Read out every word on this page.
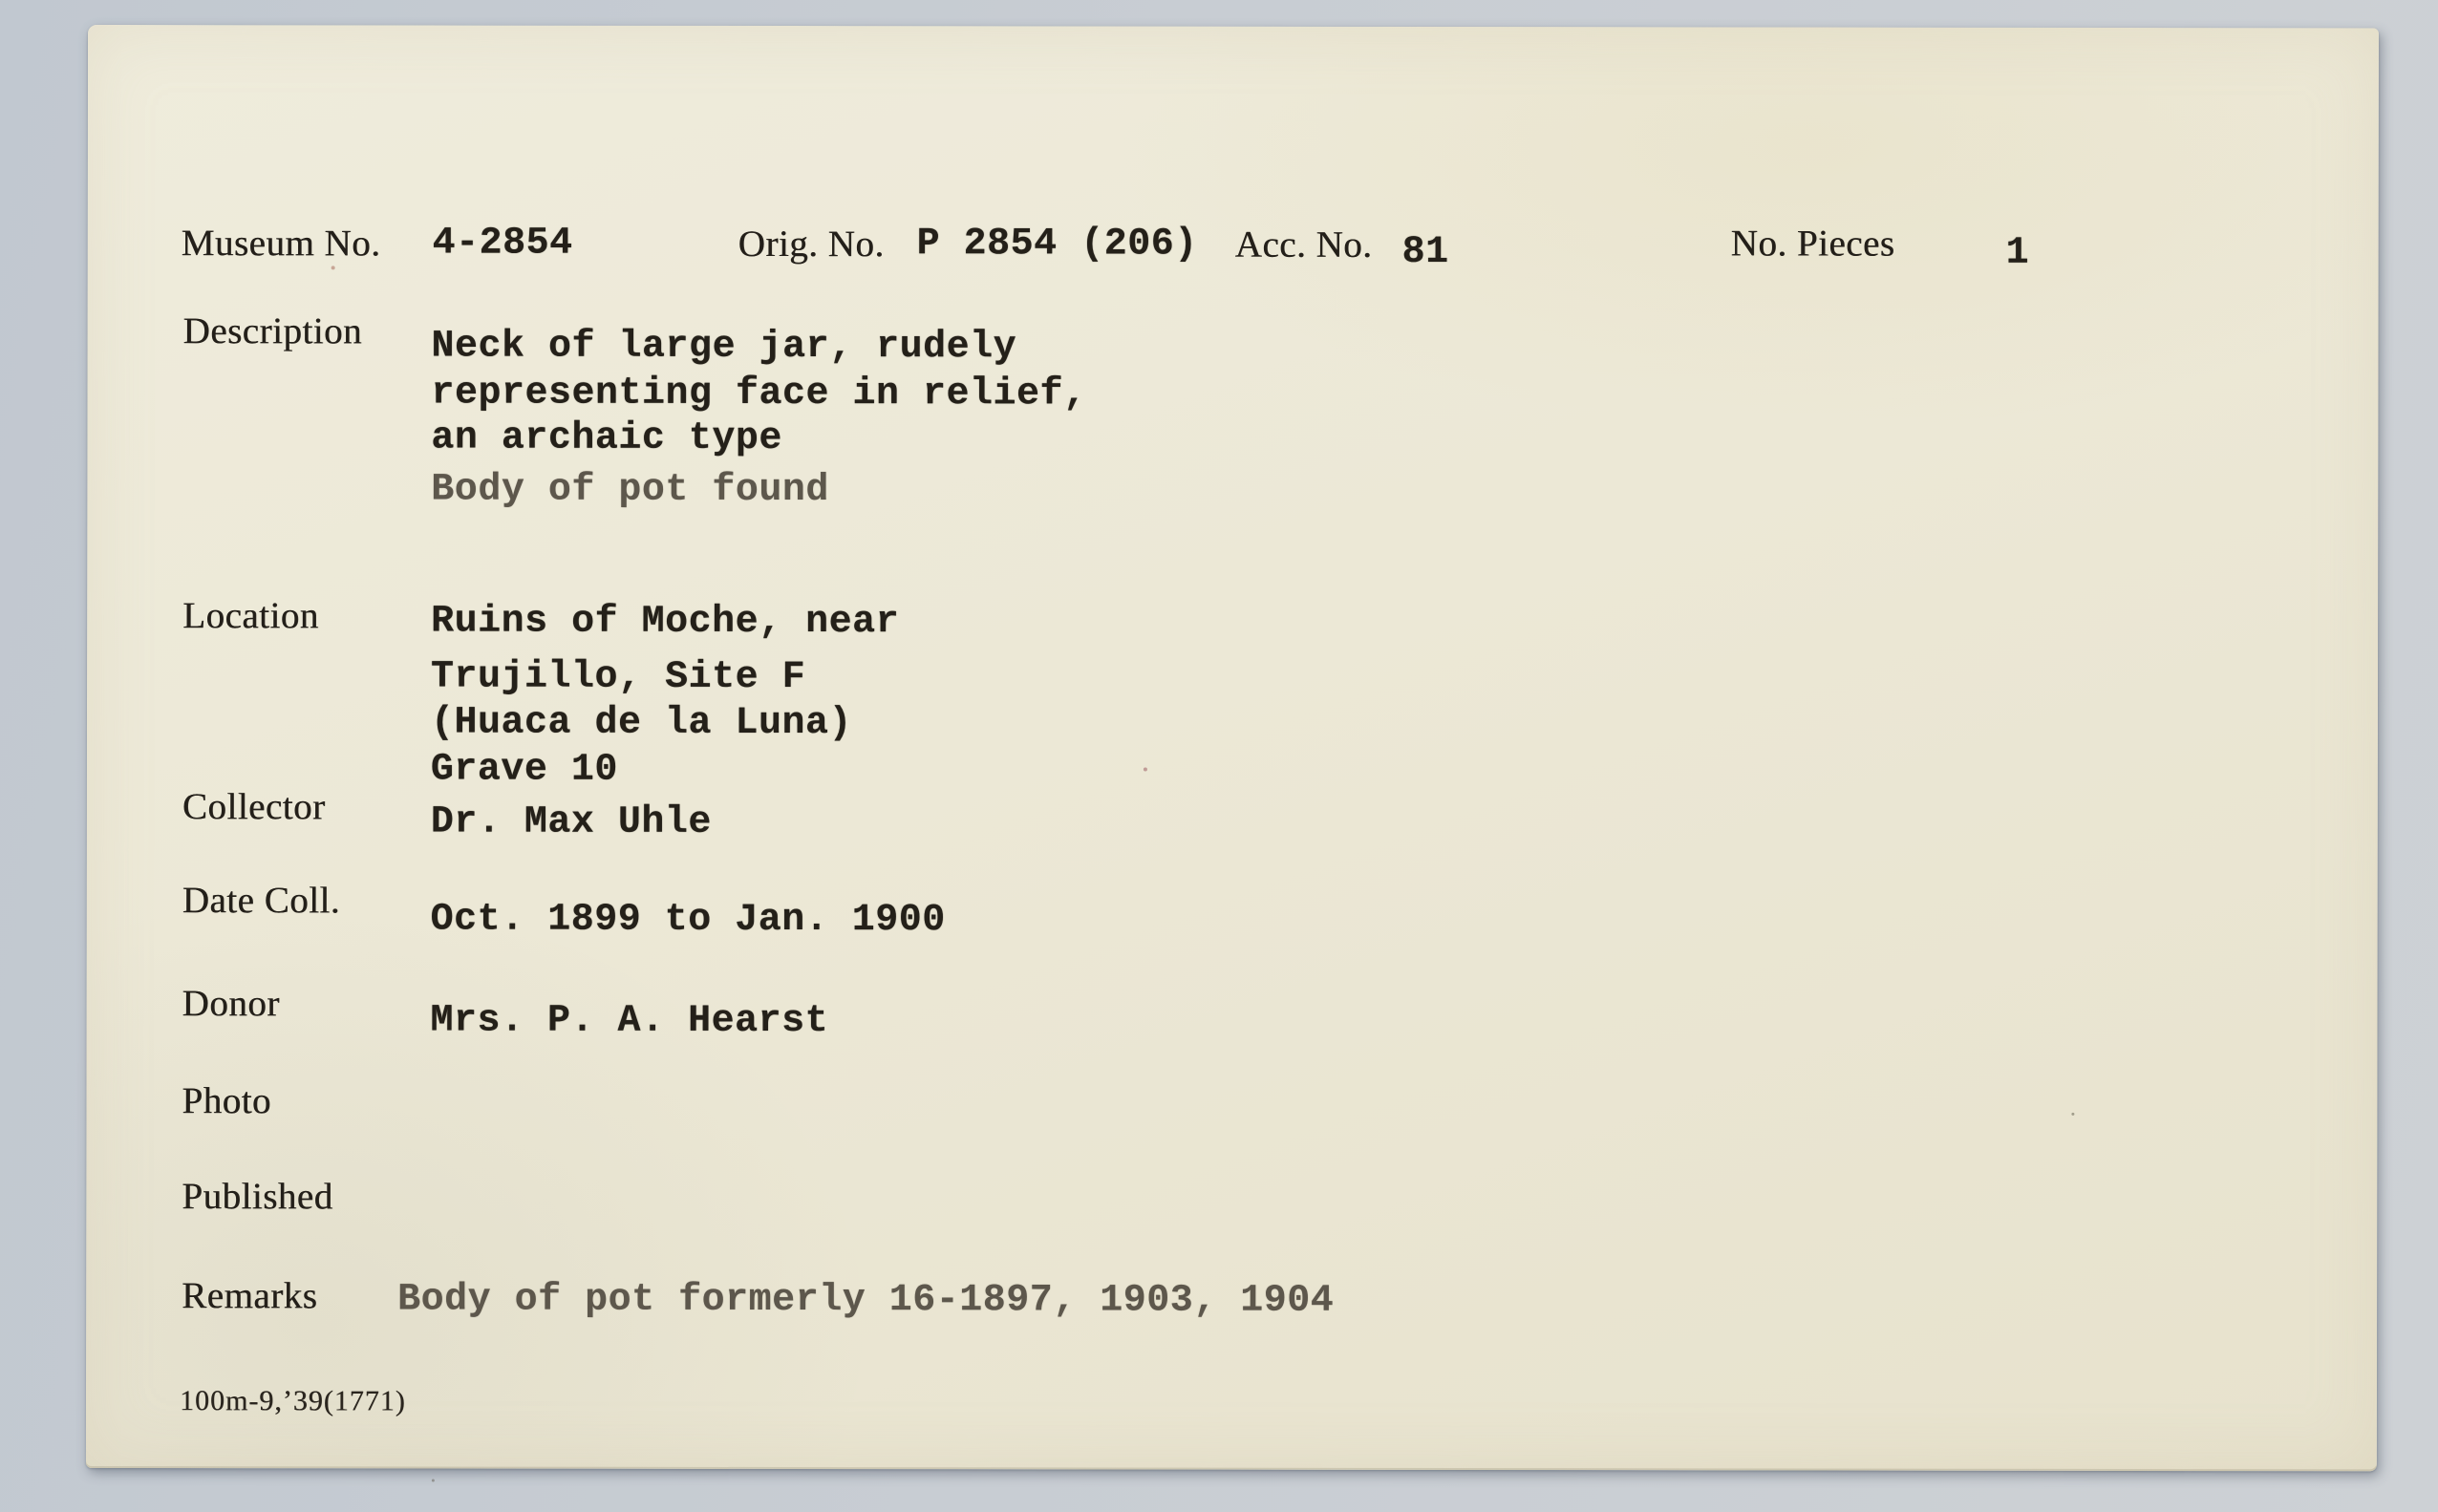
Museum No. 4-2854	Orig. No. P 2854 (206) Acc. No. 81	No. Pieces	1
Description Neck of large jar, rudely
representing face in relief,
an archaic type
Body of pot found
Location	Ruins of Moche, near
Trujillo, Site F
(Huaca de la Luna)
Grave 10
Collector	Dr. Max Uhle
Date Coll. Oct. 1899 to Jan. 1900
Donor	Mrs. P. A. Hearst
Photo
Published
Remarks Body of pot formerly 16-1897, 1903, 1904
100m-9,’39(1771)
